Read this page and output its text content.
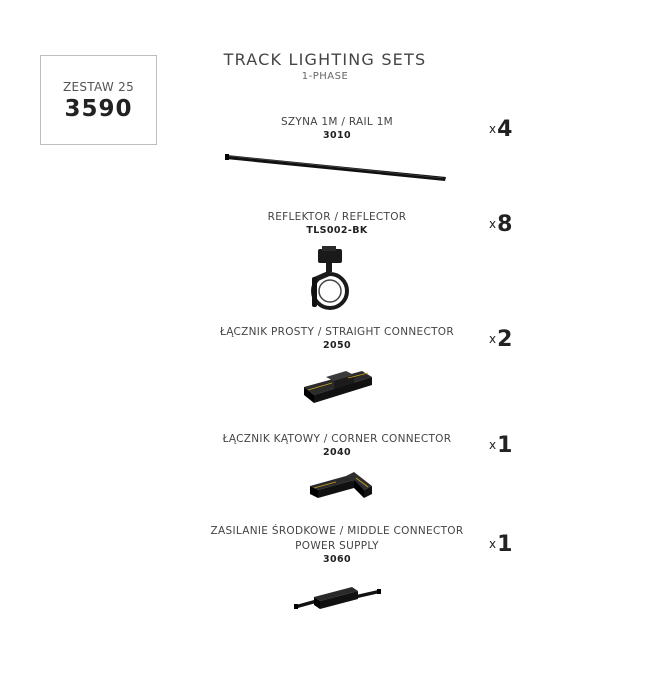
ZESTAW 25
3590
TRACK LIGHTING SETS
1-PHASE
SZYNA 1M / RAIL 1M
3010	x4
REFLEKTOR / REFLECTOR
TLS002-BK	x8
ŁĄCZNIK PROSTY / STRAIGHT CONNECTOR
2050	x2
ŁĄCZNIK KĄTOWY / CORNER CONNECTOR
2040
x1
ZASILANIE ŚRODKOWE / MIDDLE CONNECTOR
POWER SUPPLY
3060
x1
